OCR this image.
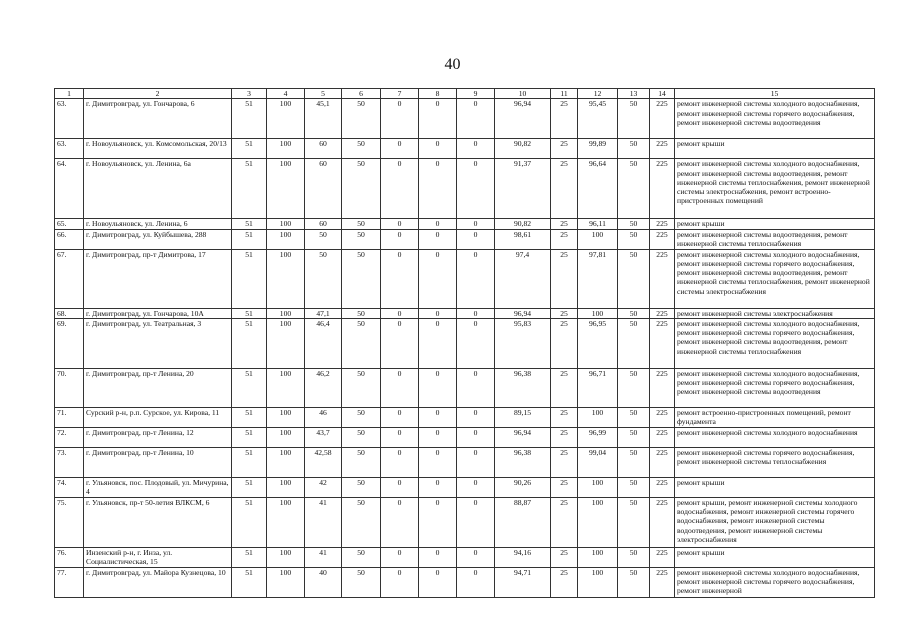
40
1	2	3	4	5	6	7	8	9	10	11	12	13	14	15
63.	г. Димитровград, ул. Гончарова, 6	51	100	45,1	50	0	0	0	96,94	25	95,45	50	225	ремонт инженерной системы холодного водоснабжения, ремонт инженерной системы горячего водоснабжения, ремонт инженерной системы водоотведения
63.	г. Новоульяновск, ул. Комсомольская, 20/13	51	100	60	50	0	0	0	90,82	25	99,89	50	225	ремонт крыши
64.	г. Новоульяновск, ул. Ленина, 6а	51	100	60	50	0	0	0	91,37	25	96,64	50	225	ремонт инженерной системы холодного водоснабжения, ремонт инженерной системы водоотведения, ремонт инженерной системы теплоснабжения, ремонт инженерной системы электроснабжения, ремонт встроенно-пристроенных помещений
65.	г. Новоульяновск, ул. Ленина, 6	51	100	60	50	0	0	0	90,82	25	96,11	50	225	ремонт крыши
66.	г. Димитровград, ул. Куйбышева, 288	51	100	50	50	0	0	0	98,61	25	100	50	225	ремонт инженерной системы водоотведения, ремонт инженерной системы теплоснабжения
67.	г. Димитровград, пр-т Димитрова, 17	51	100	50	50	0	0	0	97,4	25	97,81	50	225	ремонт инженерной системы холодного водоснабжения, ремонт инженерной системы горячего водоснабжения, ремонт инженерной системы водоотведения, ремонт инженерной системы теплоснабжения, ремонт инженерной системы электроснабжения
68.	г. Димитровград, ул. Гончарова, 10А	51	100	47,1	50	0	0	0	96,94	25	100	50	225	ремонт инженерной системы электроснабжения
69.	г. Димитровград, ул. Театральная, 3	51	100	46,4	50	0	0	0	95,83	25	96,95	50	225	ремонт инженерной системы холодного водоснабжения, ремонт инженерной системы горячего водоснабжения, ремонт инженерной системы водоотведения, ремонт инженерной системы теплоснабжения
70.	г. Димитровград, пр-т Ленина, 20	51	100	46,2	50	0	0	0	96,38	25	96,71	50	225	ремонт инженерной системы холодного водоснабжения, ремонт инженерной системы горячего водоснабжения, ремонт инженерной системы водоотведения
71.	Сурский р-н, р.п. Сурское, ул. Кирова, 11	51	100	46	50	0	0	0	89,15	25	100	50	225	ремонт встроенно-пристроенных помещений, ремонт фундамента
72.	г. Димитровград, пр-т Ленина, 12	51	100	43,7	50	0	0	0	96,94	25	96,99	50	225	ремонт инженерной системы холодного водоснабжения
73.	г. Димитровград, пр-т Ленина, 10	51	100	42,58	50	0	0	0	96,38	25	99,04	50	225	ремонт инженерной системы горячего водоснабжения, ремонт инженерной системы теплоснабжения
74.	г. Ульяновск, пос. Плодовый, ул. Мичурина, 4	51	100	42	50	0	0	0	90,26	25	100	50	225	ремонт крыши
75.	г. Ульяновск, пр-т 50-летия ВЛКСМ, 6	51	100	41	50	0	0	0	88,87	25	100	50	225	ремонт крыши, ремонт инженерной системы холодного водоснабжения, ремонт инженерной системы горячего водоснабжения, ремонт инженерной системы водоотведения, ремонт инженерной системы электроснабжения
76.	Инзенский р-н, г. Инза, ул. Социалистическая, 15	51	100	41	50	0	0	0	94,16	25	100	50	225	ремонт крыши
77.	г. Димитровград, ул. Майора Кузнецова, 10	51	100	40	50	0	0	0	94,71	25	100	50	225	ремонт инженерной системы холодного водоснабжения, ремонт инженерной системы горячего водоснабжения, ремонт инженерной
